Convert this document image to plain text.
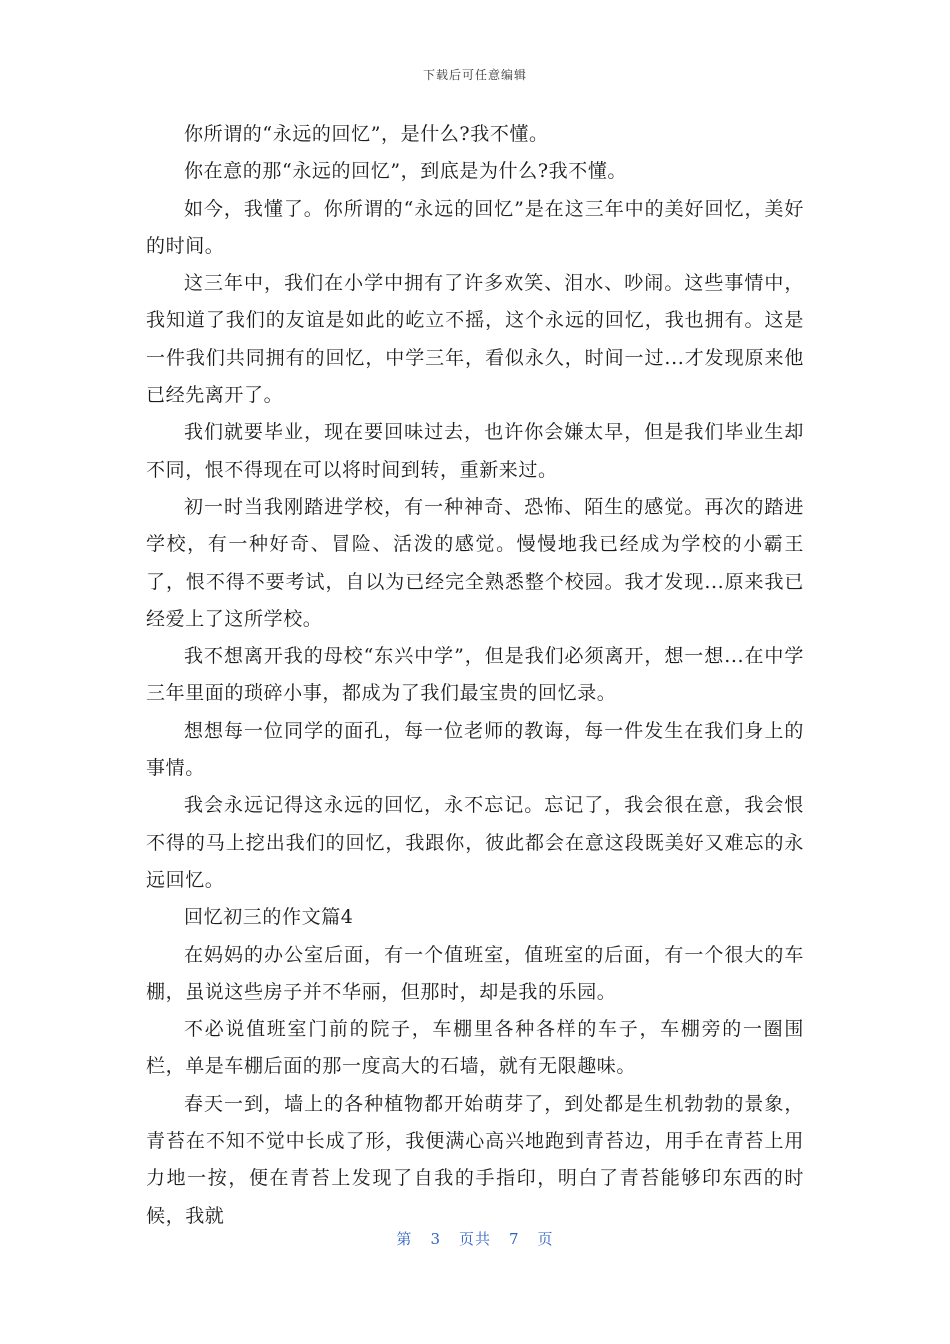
下载后可任意编辑

你所谓的“永远的回忆”，是什么?我不懂。

你在意的那“永远的回忆”，到底是为什么?我不懂。

如今，我懂了。你所谓的“永远的回忆”是在这三年中的美好回忆，美好的时间。

这三年中，我们在小学中拥有了许多欢笑、泪水、吵闹。这些事情中，我知道了我们的友谊是如此的屹立不摇，这个永远的回忆，我也拥有。这是一件我们共同拥有的回忆，中学三年，看似永久，时间一过...才发现原来他已经先离开了。

我们就要毕业，现在要回味过去，也许你会嫌太早，但是我们毕业生却不同，恨不得现在可以将时间到转，重新来过。

初一时当我刚踏进学校，有一种神奇、恐怖、陌生的感觉。再次的踏进学校，有一种好奇、冒险、活泼的感觉。慢慢地我已经成为学校的小霸王了，恨不得不要考试，自以为已经完全熟悉整个校园。我才发现...原来我已经爱上了这所学校。

我不想离开我的母校“东兴中学”，但是我们必须离开，想一想...在中学三年里面的琐碎小事，都成为了我们最宝贵的回忆录。

想想每一位同学的面孔，每一位老师的教诲，每一件发生在我们身上的事情。

我会永远记得这永远的回忆，永不忘记。忘记了，我会很在意，我会恨不得的马上挖出我们的回忆，我跟你，彼此都会在意这段既美好又难忘的永远回忆。

回忆初三的作文篇4

在妈妈的办公室后面，有一个值班室，值班室的后面，有一个很大的车棚，虽说这些房子并不华丽，但那时，却是我的乐园。

不必说值班室门前的院子，车棚里各种各样的车子，车棚旁的一圈围栏，单是车棚后面的那一度高大的石墙，就有无限趣味。

春天一到，墙上的各种植物都开始萌芽了，到处都是生机勃勃的景象，青苔在不知不觉中长成了形，我便满心高兴地跑到青苔边，用手在青苔上用力地一按，便在青苔上发现了自我的手指印，明白了青苔能够印东西的时候，我就

第 3 页共 7 页
